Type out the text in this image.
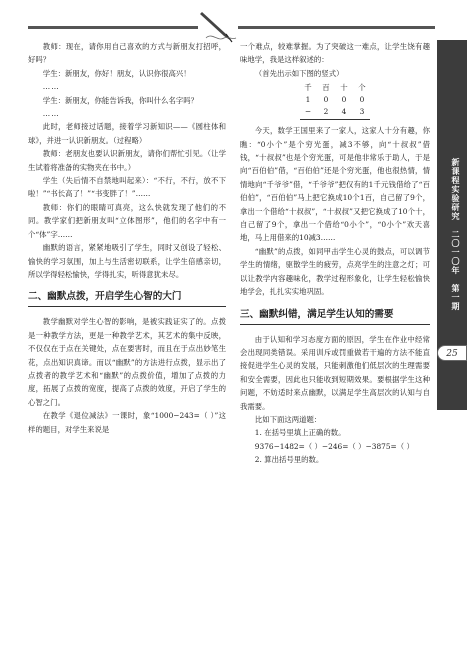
教师：现在，请你用自己喜欢的方式与新朋友打招呼，好吗？

学生：新朋友，你好！朋友，认识你很高兴！

……

学生：新朋友，你能告诉我，你叫什么名字吗？

……

此时，老师接过话题，接着学习新知识——《圆柱体和球》，并进一认识新朋友。（过程略）

教师：老朋友也要认识新朋友，请你们帮忙引见。（让学生试着将准备的实物夹在书中。）

学生（失后情不自禁地叫起来）：“不行，不行，放不下啦！”“书长高了！”“书变胖了！”……

教师：你们的眼睛可真亮，这么快就发现了他们的不同。教学家们把新朋友叫“立体图形”，他们的名字中有一个“体”字……

幽默的语言，紧紧地吸引了学生，同时又创设了轻松、愉快的学习氛围，加上与生活密切联系，让学生倍感亲切，所以学得轻松愉快，学得扎实，听得意犹未尽。

二、幽默点拨，开启学生心智的大门

教学幽默对学生心智的影响，是被实践证实了的。点拨是一种教学方法，更是一种教学艺术，其艺术的集中反映，不仅仅在于点在关键处，点在要害时，而且在于点出妙笔生花，点出知识真谛。而以“幽默”的方法进行点拨，显示出了点拨者的教学艺术和“幽默”的点拨价值，增加了点拨的力度，拓展了点拨的宽度，提高了点拨的效度，开启了学生的心智之门。

在教学《退位减法》一课时，象“1000−243=（ ）”这样的题目，对学生来说是

一个难点，较难掌握。为了突破这一难点，让学生饶有趣味地学，我是这样叙述的：

（首先出示如下图的竖式）

千	百	十	个
1	0	0	0
−	2	4	3

今天，数学王国里来了一家人，这家人十分有趣，你瞧：“0小个”是个穷光蛋，减3不够，向“十叔叔”借钱，“十叔叔”也是个穷光蛋，可是他非常乐于助人，于是向“百伯伯”借，“百伯伯”还是个穷光蛋，他也很热情，情情地向“千爷爷”借，“千爷爷”把仅有的1千元钱借给了“百伯伯”，“百伯伯”马上把它换成10个1百，自己留了9个，拿出一个借给“十叔叔”，“十叔叔”又把它换成了10个十，自己留了9个，拿出一个借给“0小个”，“0小个”欢天喜地，马上用借来的10减3……

“幽默”的点拨，如同甲击学生心灵的鼓点，可以调节学生的情绪，驱散学生的疲劳，点亮学生的注意之灯；可以让教学内容趣味化，教学过程形象化，让学生轻松愉快地学会，扎扎实实地巩固。

三、幽默纠错，满足学生认知的需要

由于认知和学习态度方面的原因，学生在作业中经常会出现同类错误。采用训斥或罚重做若干遍的方法不能直接促进学生心灵的发展，只能刺激他们低层次的生理需要和安全需要，因此也只能收到短期效果。要根据学生这种问题，不妨适时来点幽默，以满足学生高层次的认知与自我需要。

比如下面这两道题：

1. 在括号里填上正确的数。

9376−1482=（ ）−246=（ ）−3875=（ ）

2. 算出括号里的数。

新课程实验研究　二〇一〇年　第一期
25
